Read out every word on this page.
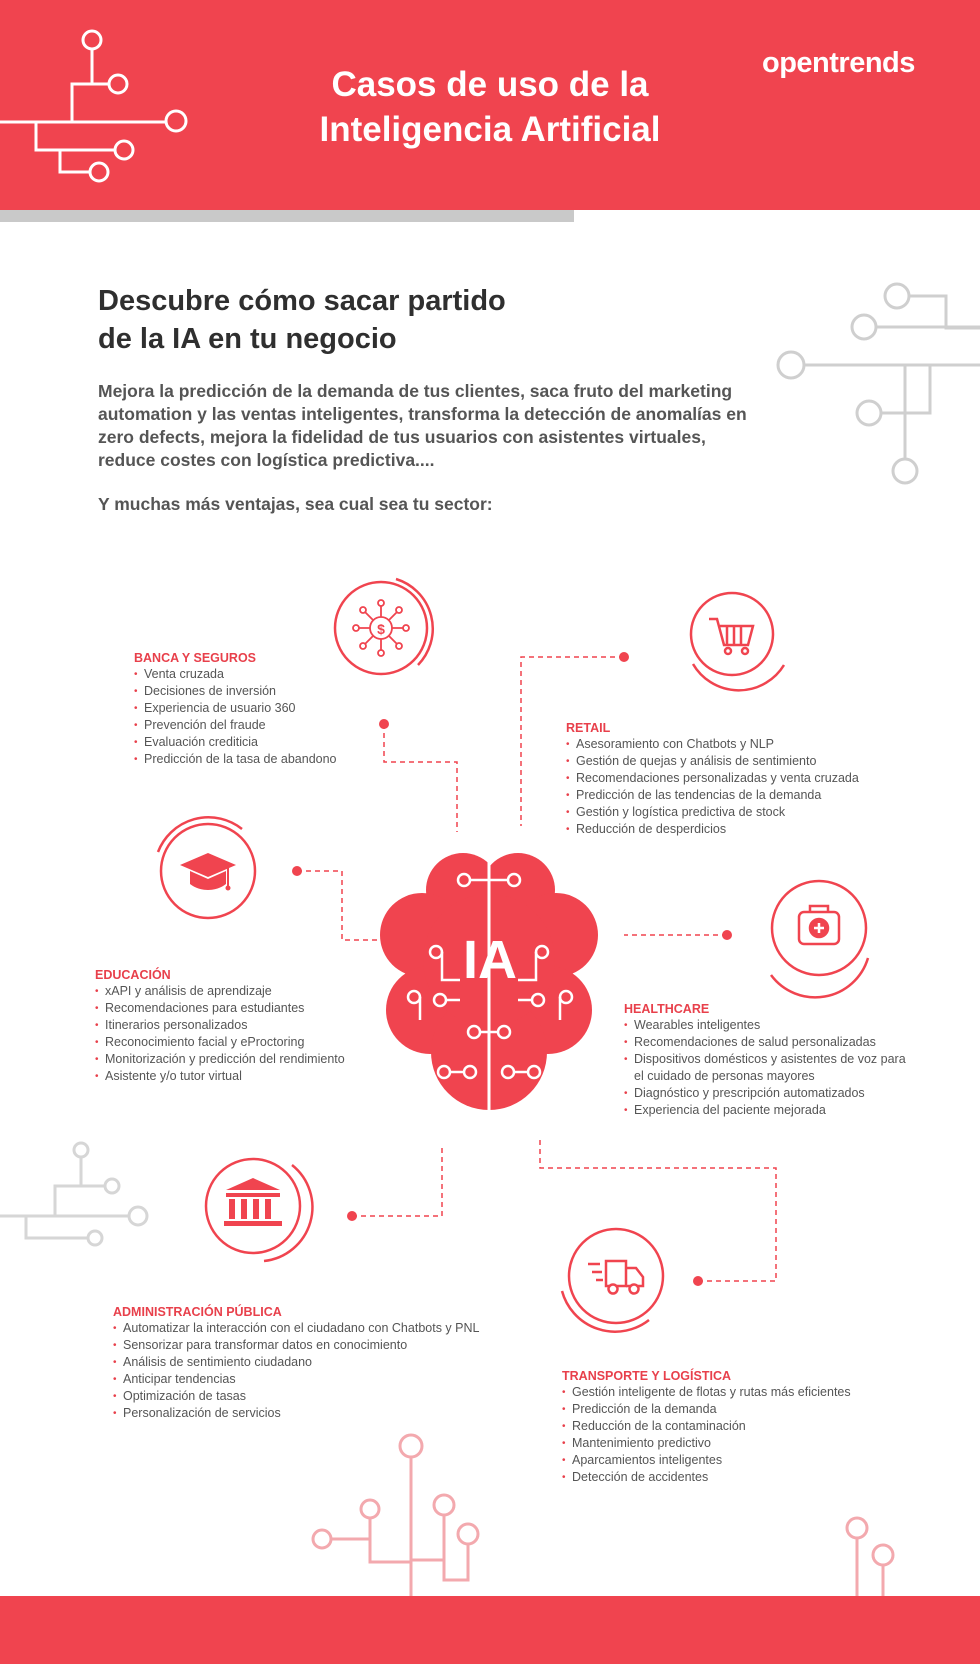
Casos de uso de la
Inteligencia Artificial
opentrends
$
IA
Descubre cómo sacar partido
de la IA en tu negocio
Mejora la predicción de la demanda de tus clientes, saca fruto del marketing automation y las ventas inteligentes, transforma la detección de anomalías en zero defects, mejora la fidelidad de tus usuarios con asistentes virtuales, reduce costes con logística predictiva....
Y muchas más ventajas, sea cual sea tu sector:

BANCA Y SEGUROS

• Venta cruzada
• Decisiones de inversión
• Experiencia de usuario 360
• Prevención del fraude
• Evaluación crediticia
• Predicción de la tasa de abandono

RETAIL

• Asesoramiento con Chatbots y NLP
• Gestión de quejas y análisis de sentimiento
• Recomendaciones personalizadas y venta cruzada
• Predicción de las tendencias de la demanda
• Gestión y logística predictiva de stock
• Reducción de desperdicios

EDUCACIÓN

• xAPI y análisis de aprendizaje
• Recomendaciones para estudiantes
• Itinerarios personalizados
• Reconocimiento facial y eProctoring
• Monitorización y predicción del rendimiento
• Asistente y/o tutor virtual

HEALTHCARE

• Wearables inteligentes
• Recomendaciones de salud personalizadas
• Dispositivos domésticos y asistentes de voz para el cuidado de personas mayores
• Diagnóstico y prescripción automatizados
• Experiencia del paciente mejorada

ADMINISTRACIÓN PÚBLICA

• Automatizar la interacción con el ciudadano con Chatbots y PNL
• Sensorizar para transformar datos en conocimiento
• Análisis de sentimiento ciudadano
• Anticipar tendencias
• Optimización de tasas
• Personalización de servicios

TRANSPORTE Y LOGÍSTICA

• Gestión inteligente de flotas y rutas más eficientes
• Predicción de la demanda
• Reducción de la contaminación
• Mantenimiento predictivo
• Aparcamientos inteligentes
• Detección de accidentes
